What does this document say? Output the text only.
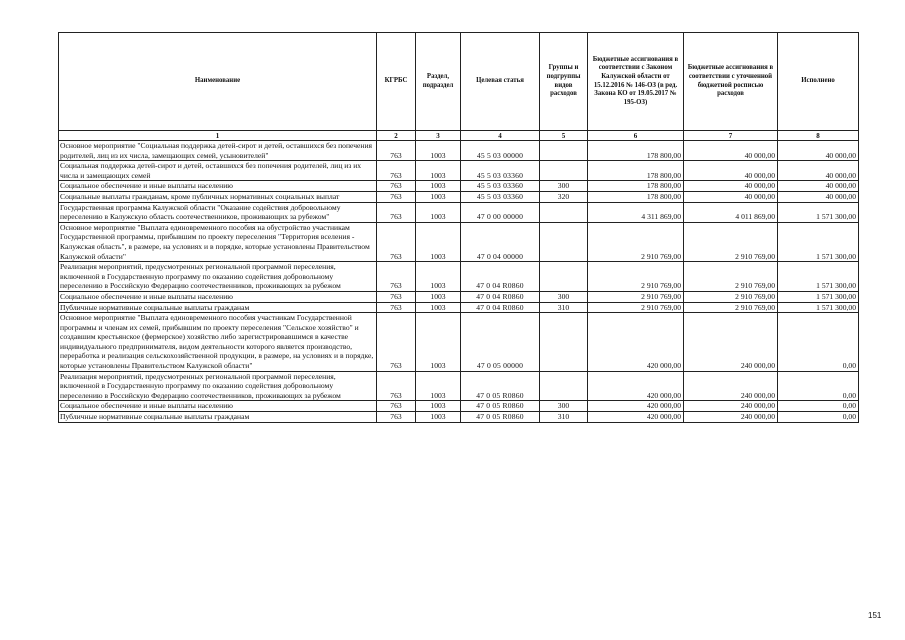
Наименование	КГРБС	Раздел, подраздел	Целевая статья	Группы и подгруппы видов расходов	Бюджетные ассигнования в соответствии с Законом Калужской области от 15.12.2016 № 146-ОЗ (в ред. Закона КО от 19.05.2017 № 195-ОЗ)	Бюджетные ассигнования в соответствии с уточненной бюджетной росписью расходов	Исполнено
1	2	3	4	5	6	7	8
Основное мероприятие "Социальная поддержка детей-сирот и детей, оставшихся без попечения родителей, лиц из их числа, замещающих семей, усыновителей"	763	1003	45 5 03 00000		178 800,00	40 000,00	40 000,00
Социальная поддержка детей-сирот и детей, оставшихся без попечения родителей, лиц из их числа и замещающих семей	763	1003	45 5 03 03360		178 800,00	40 000,00	40 000,00
Социальное обеспечение и иные выплаты населению	763	1003	45 5 03 03360	300	178 800,00	40 000,00	40 000,00
Социальные выплаты гражданам, кроме публичных нормативных социальных выплат	763	1003	45 5 03 03360	320	178 800,00	40 000,00	40 000,00
Государственная программа Калужской области "Оказание содействия добровольному переселению в Калужскую область соотечественников, проживающих за рубежом"	763	1003	47 0 00 00000		4 311 869,00	4 011 869,00	1 571 300,00
Основное мероприятие "Выплата единовременного пособия на обустройство участникам Государственной программы, прибывшим по проекту переселения "Территория вселения - Калужская область", в размере, на условиях и в порядке, которые установлены Правительством Калужской области"	763	1003	47 0 04 00000		2 910 769,00	2 910 769,00	1 571 300,00
Реализация мероприятий, предусмотренных региональной программой переселения, включенной в Государственную программу по оказанию содействия добровольному переселению в Российскую Федерацию соотечественников, проживающих за рубежом	763	1003	47 0 04 R0860		2 910 769,00	2 910 769,00	1 571 300,00
Социальное обеспечение и иные выплаты населению	763	1003	47 0 04 R0860	300	2 910 769,00	2 910 769,00	1 571 300,00
Публичные нормативные социальные выплаты гражданам	763	1003	47 0 04 R0860	310	2 910 769,00	2 910 769,00	1 571 300,00
Основное мероприятие "Выплата единовременного пособия участникам Государственной программы и членам их семей, прибывшим по проекту переселения "Сельское хозяйство" и создавшим крестьянское (фермерское) хозяйство либо зарегистрировавшимся в качестве индивидуального предпринимателя, видом деятельности которого является производство, переработка и реализация сельскохозяйственной продукции, в размере, на условиях и в порядке, которые установлены Правительством Калужской области"	763	1003	47 0 05 00000		420 000,00	240 000,00	0,00
Реализация мероприятий, предусмотренных региональной программой переселения, включенной в Государственную программу по оказанию содействия добровольному переселению в Российскую Федерацию соотечественников, проживающих за рубежом	763	1003	47 0 05 R0860		420 000,00	240 000,00	0,00
Социальное обеспечение и иные выплаты населению	763	1003	47 0 05 R0860	300	420 000,00	240 000,00	0,00
Публичные нормативные социальные выплаты гражданам	763	1003	47 0 05 R0860	310	420 000,00	240 000,00	0,00
151
